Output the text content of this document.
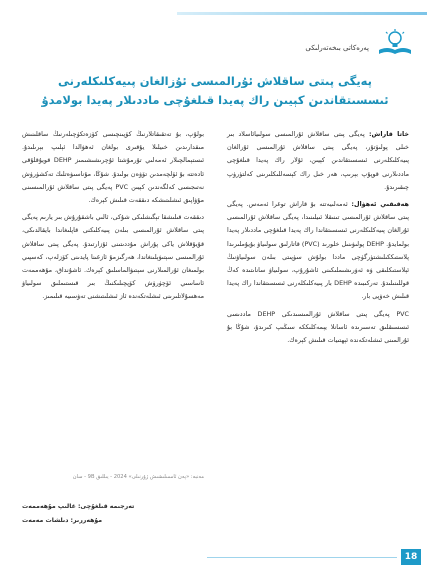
پەرەكاتى بىخەتەرلىكى
پەيگى پىتى ساقلاش ئۇرالمىسى ئۇزالغان پىيەكلىكلەرنى ئىسسىتقاندىن كېيىن راك پەيدا قىلغۇچى ماددىلار پەيدا بولامدۇ

خاتا قاراش: پەيگى پىتى ساقلاش ئۇرالمىسى سولىيائاسلاد بىر خىلى پولىۆتۇر، پەيگى پىتى ساقلاش ئۇرالمىسى ئۇرالغان پىيەكلىكلەرنى ئىسسىتقاندىن كېيىن، ئۇلار راك پەيدا قىلغۇچى ماددىلارنى قوپۇپ بېرىپ، ھەر خىل راك كېسەللىكلىرىنى كەلتۈرۈپ چىقىرىدۇ.

ھەقىقىي ئەھۋال: ئەمەلىيەتتە بۇ قاراش توغرا ئەمەس. پەيگى پىتى ساقلاش ئۇرالمىسى تىنىقلا ئىيلىنىدا، پەيگى ساقلاش ئۇرالمىسى ئۇرالغان پىيەكلىكلەرنى ئىسسىتقاندا راك پەيدا قىلغۇچى ماددىلار پەيدا بولمايدۇ. DEHP پولىۋىنىل خلورىد (PVC) قاتارلىق سولىياۋ بۇيۇملىرىدا پلاستىككىلىشتۈرگۈچى ماددا بولۇش سۈپىتى بىلەن سولىياۋنىڭ ئېلاستىكلىقى ۋە ئەۋرىشىملىكىنى ئاشۇرۇپ، سولىياۋ ساناىتىدە كەڭ قوللىنىلىدۇ. تەركىبىدە DEHP بار پىيەكلىكلەرنى ئىسسىتقاندا راك پەيدا قىلىش خەۋپى بار.

PVC پەيگى پىتى ساقلاش ئۇرالمىسىدىكى DEHP ماددىسى ئىسسىقلىق تەسىرىدە ئاسانلا يېمەكلىككە سىڭىپ كىرىدۇ، شۇڭا بۇ ئۇرالمىنى ئىشلەتكەندە ئېھتىيات قىلىش كېرەك.

بولۇپ، بۇ تەتقىقاتلارنىڭ كۆپىنچىسى كۆزەتكۈچىلەرنىڭ ساقلىنىش مىقدارىدىن خىيلىلا يۇقىرى بولغان ئەھۋالدا ئېلىپ بېرىلىدۇ. ئىستېمالچىلار ئەمەلىي تۇرمۇشتا ئۇچرىشىشىمىز DEHP قويۇقلۇقى ئادەتتە بۇ ئۆلچەمدىن تۆۋەن بولىدۇ. شۇڭا، مۇناسىۋەتلىك تەكشۈرۈش نەتىجىسى كەلگەندىن كېيىن PVC پەيگى پىتى ساقلاش ئۇرالمىسىنى مۇۋاپىق ئىشلىتىشكە دىققەت قىلىش كېرەك.

دىققەت قىلىشقا تېگىشلىكى شۇكى، ئالىي باشقۇرۇش بىر يارىم پەيگى پىتى ساقلاش ئۇرالمىسى بىلەن پىيەكلىكنى قاپلىغاندا بايقالدىكى، قۇيۇقلاش ياكى پۇراش مۇددىتىنى ئۇزارتىدۇ. پەيگى پىتى ساقلاش ئۇرالمىسى سېتىۋېلىنغاندا، ھەرگىزمۇ ئازغىنا پايدىنى كۆزلەپ، كەسپىي بولمىغان ئۇرالمىلارنى سېتىۋالماسلىق كېرەك. ئاشۇنداق، مۇھەممەت ئاساسىي ئۆچۈرۈش كۆپچىلىكنىڭ بىر قىستىملىق سولىياۋ مەھسۇلاتلىرىنى ئىشلەتكەندە ئاز ئىشلىتىشنى تەۋسىيە قىلىمىز.

مەنبە: «پەن ئاممىلىشىش ژۇرنىلى» 2024 - يىللىق 9B - سان
تەرجىمە قىلغۇچى: غالىپ مۇھەممەت
مۇھەررىر: دىلشات مەمەت
18
